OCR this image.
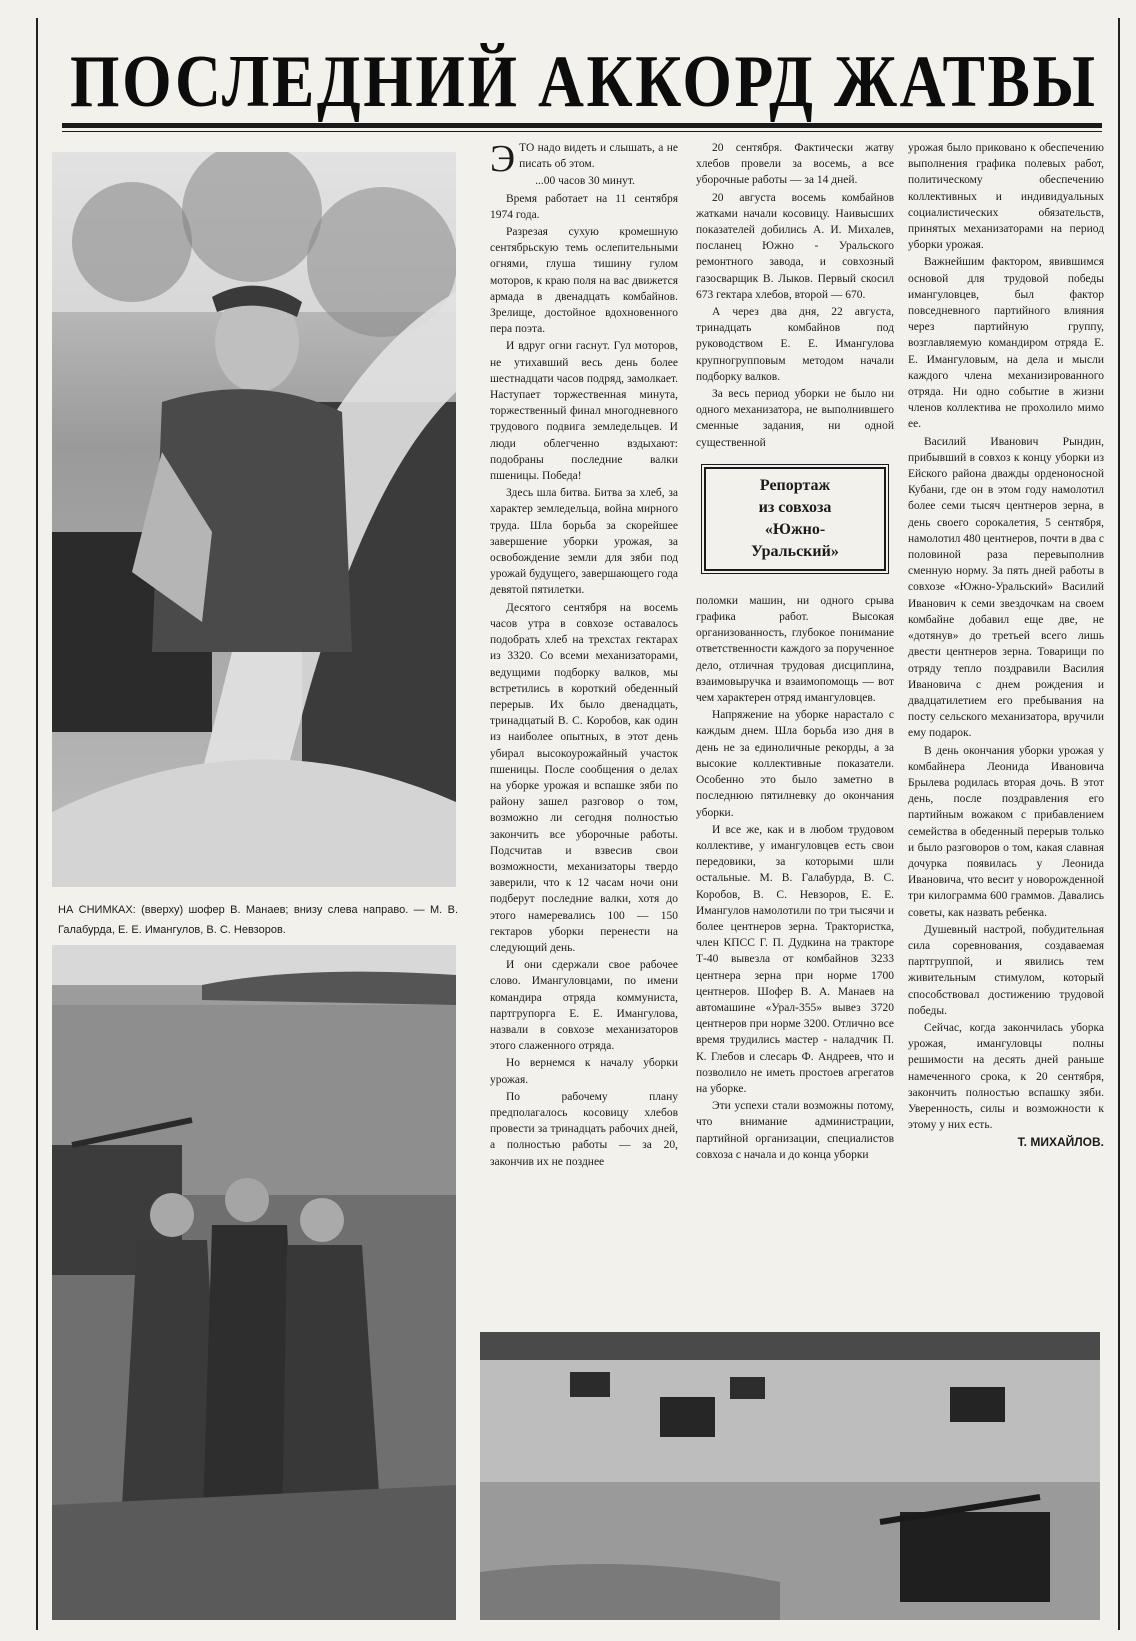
ПОСЛЕДНИЙ АККОРД ЖАТВЫ
НА СНИМКАХ: (вверху) шофер В. Манаев; внизу слева направо. — М. В. Галабурда, Е. Е. Имангулов, В. С. Невзоров.

ЭТО надо видеть и слышать, а не писать об этом.

...00 часов 30 минут.

Время работает на 11 сентября 1974 года.

Разрезая сухую кромешную сентябрьскую темь ослепительными огнями, глуша тишину гулом моторов, к краю поля на вас движется армада в двенадцать комбайнов. Зрелище, достойное вдохновенного пера поэта.

И вдруг огни гаснут. Гул моторов, не утихавший весь день более шестнадцати часов подряд, замолкает. Наступает торжественная минута, торжественный финал многодневного трудового подвига земледельцев. И люди облегченно вздыхают: подобраны последние валки пшеницы. Победа!

Здесь шла битва. Битва за хлеб, за характер земледельца, война мирного труда. Шла борьба за скорейшее завершение уборки урожая, за освобождение земли для зяби под урожай будущего, завершающего года девятой пятилетки.

Десятого сентября на восемь часов утра в совхозе оставалось подобрать хлеб на трехстах гектарах из 3320. Со всеми механизаторами, ведущими подборку валков, мы встретились в короткий обеденный перерыв. Их было двенадцать, тринадцатый В. С. Коробов, как один из наиболее опытных, в этот день убирал высокоурожайный участок пшеницы. После сообщения о делах на уборке урожая и вспашке зяби по району зашел разговор о том, возможно ли сегодня полностью закончить все уборочные работы. Подсчитав и взвесив свои возможности, механизаторы твердо заверили, что к 12 часам ночи они подберут последние валки, хотя до этого намеревались 100 — 150 гектаров уборки перенести на следующий день.

И они сдержали свое рабочее слово. Имангуловцами, по имени командира отряда коммуниста, партгрупорга Е. Е. Имангулова, назвали в совхозе механизаторов этого слаженного отряда.

Но вернемся к началу уборки урожая.

По рабочему плану предполагалось косовицу хлебов провести за тринадцать рабочих дней, а полностью работы — за 20, закончив их не позднее

20 сентября. Фактически жатву хлебов провели за восемь, а все уборочные работы — за 14 дней.

20 августа восемь комбайнов жатками начали косовицу. Наивысших показателей добились А. И. Михалев, посланец Южно - Уральского ремонтного завода, и совхозный газосварщик В. Лыков. Первый скосил 673 гектара хлебов, второй — 670.

А через два дня, 22 августа, тринадцать комбайнов под руководством Е. Е. Имангулова крупногрупповым методом начали подборку валков.

За весь период уборки не было ни одного механизатора, не выполнившего сменные задания, ни одной существенной

Репортаж
из совхоза
«Южно-
Уральский»

поломки машин, ни одного срыва графика работ. Высокая организованность, глубокое понимание ответственности каждого за порученное дело, отличная трудовая дисциплина, взаимовыручка и взаимопомощь — вот чем характерен отряд имангуловцев.

Напряжение на уборке нарастало с каждым днем. Шла борьба изо дня в день не за единоличные рекорды, а за высокие коллективные показатели. Особенно это было заметно в последнюю пятилневку до окончания уборки.

И все же, как и в любом трудовом коллективе, у имангуловцев есть свои передовики, за которыми шли остальные. М. В. Галабурда, В. С. Коробов, В. С. Невзоров, Е. Е. Имангулов намолотили по три тысячи и более центнеров зерна. Трактористка, член КПСС Г. П. Дудкина на тракторе Т-40 вывезла от комбайнов 3233 центнера зерна при норме 1700 центнеров. Шофер В. А. Манаев на автомашине «Урал-355» вывез 3720 центнеров при норме 3200. Отлично все время трудились мастер - наладчик П. К. Глебов и слесарь Ф. Андреев, что и позволило не иметь простоев агрегатов на уборке.

Эти успехи стали возможны потому, что внимание администрации, партийной организации, специалистов совхоза с начала и до конца уборки

урожая было приковано к обеспечению выполнения графика полевых работ, политическому обеспечению коллективных и индивидуальных социалистических обязательств, принятых механизаторами на период уборки урожая.

Важнейшим фактором, явившимся основой для трудовой победы имангуловцев, был фактор повседневного партийного влияния через партийную группу, возглавляемую командиром отряда Е. Е. Имангуловым, на дела и мысли каждого члена механизированного отряда. Ни одно событие в жизни членов коллектива не прохолило мимо ее.

Василий Иванович Рындин, прибывший в совхоз к концу уборки из Ейского района дважды орденоносной Кубани, где он в этом году намолотил более семи тысяч центнеров зерна, в день своего сорокалетия, 5 сентября, намолотил 480 центнеров, почти в два с половиной раза перевыполнив сменную норму. За пять дней работы в совхозе «Южно-Уральский» Василий Иванович к семи звездочкам на своем комбайне добавил еще две, не «дотянув» до третьей всего лишь двести центнеров зерна. Товарищи по отряду тепло поздравили Василия Ивановича с днем рождения и двадцатилетием его пребывания на посту сельского механизатора, вручили ему подарок.

В день окончания уборки урожая у комбайнера Леонида Ивановича Брылева родилась вторая дочь. В этот день, после поздравления его партийным вожаком с прибавлением семейства в обеденный перерыв только и было разговоров о том, какая славная дочурка появилась у Леонида Ивановича, что весит у новорожденной три килограмма 600 граммов. Давались советы, как назвать ребенка.

Душевный настрой, побудительная сила соревнования, создаваемая партгруппой, и явились тем живительным стимулом, который способствовал достижению трудовой победы.

Сейчас, когда закончилась уборка урожая, имангуловцы полны решимости на десять дней раньше намеченного срока, к 20 сентября, закончить полностью вспашку зяби. Уверенность, силы и возможности к этому у них есть.

Т. МИХАЙЛОВ.
